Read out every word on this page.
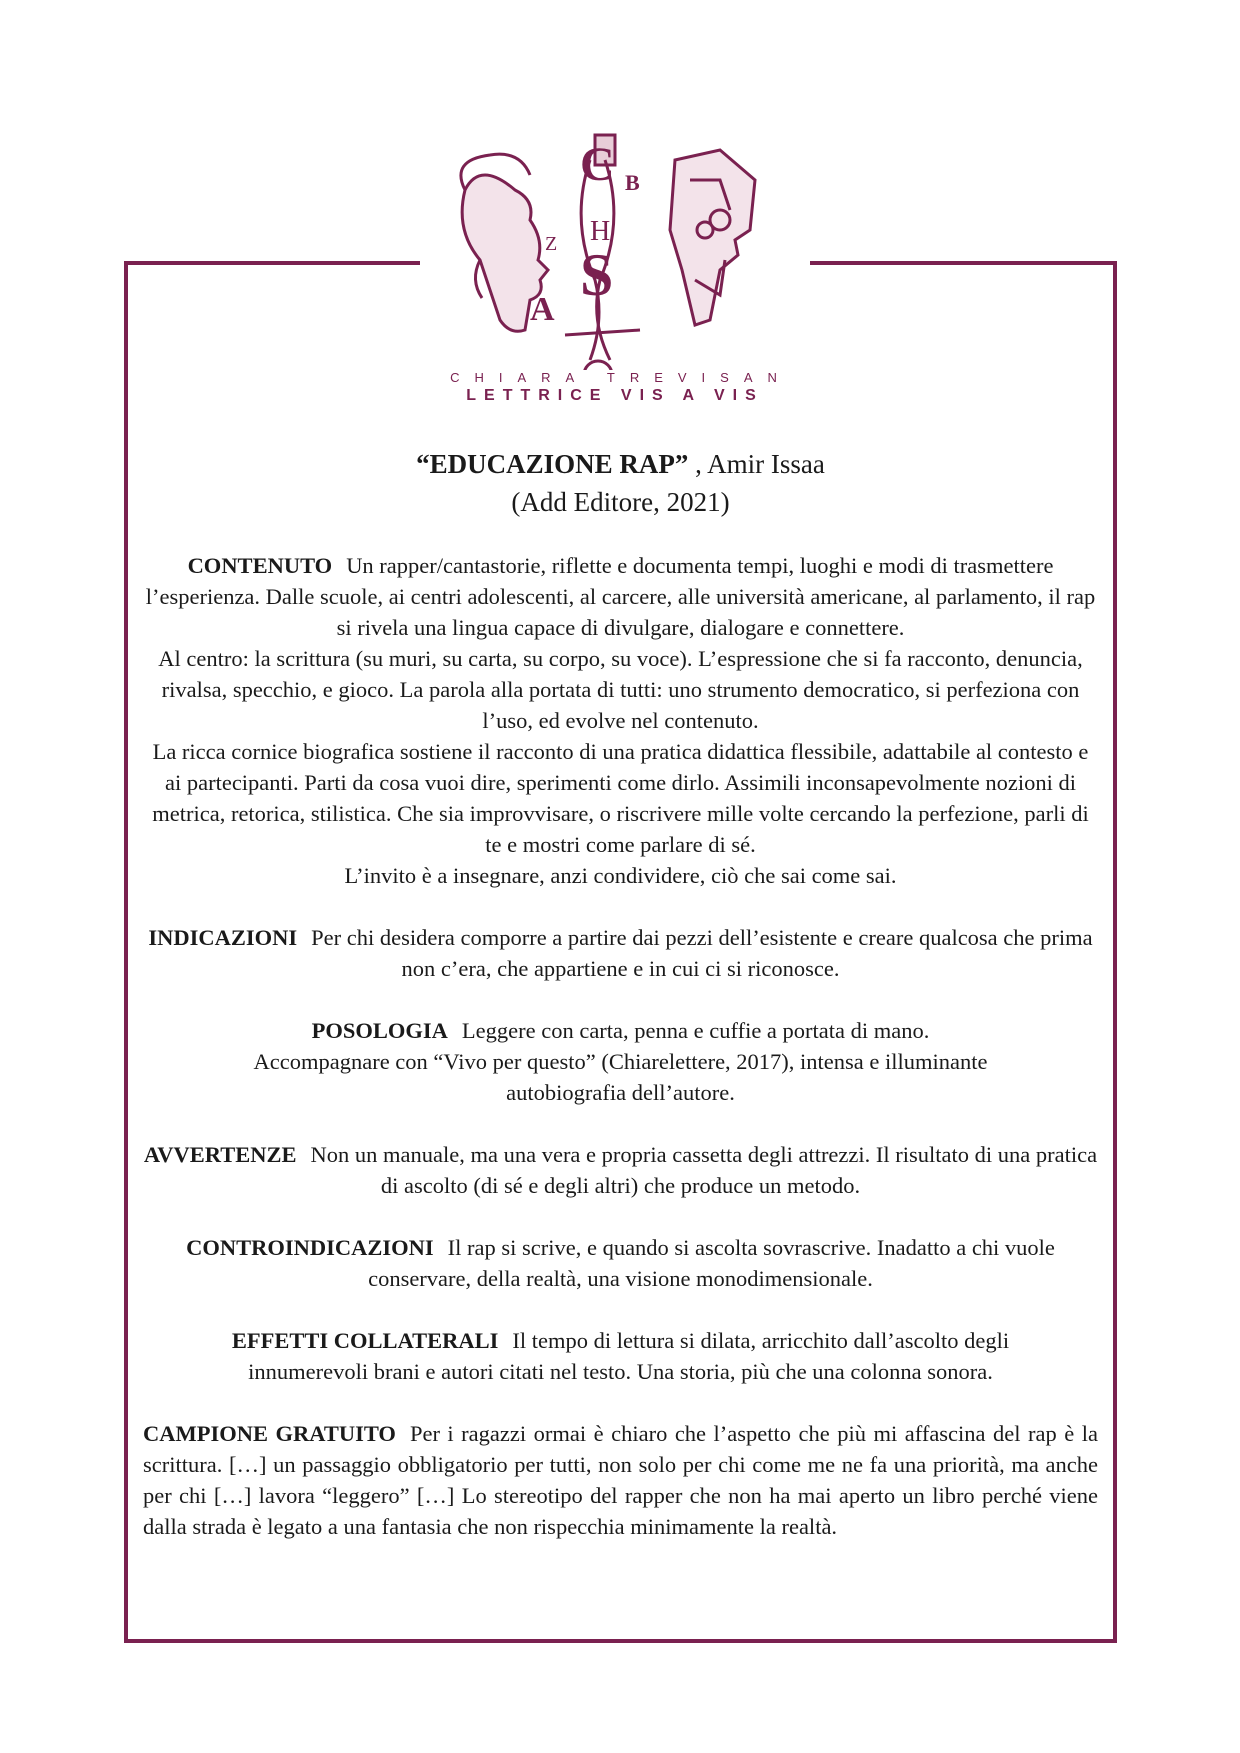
C
H
S
B
Z
A
CHIARA TREVISAN
LETTRICE VIS A VIS
“EDUCAZIONE RAP” , Amir Issaa
(Add Editore, 2021)

CONTENUTO Un rapper/cantastorie, riflette e documenta tempi, luoghi e modi di trasmettere l’esperienza. Dalle scuole, ai centri adolescenti, al carcere, alle università americane, al parlamento, il rap si rivela una lingua capace di divulgare, dialogare e connettere.

Al centro: la scrittura (su muri, su carta, su corpo, su voce). L’espressione che si fa racconto, denuncia, rivalsa, specchio, e gioco. La parola alla portata di tutti: uno strumento democratico, si perfeziona con l’uso, ed evolve nel contenuto.

La ricca cornice biografica sostiene il racconto di una pratica didattica flessibile, adattabile al contesto e ai partecipanti. Parti da cosa vuoi dire, sperimenti come dirlo. Assimili inconsapevolmente nozioni di metrica, retorica, stilistica. Che sia improvvisare, o riscrivere mille volte cercando la perfezione, parli di te e mostri come parlare di sé.

L’invito è a insegnare, anzi condividere, ciò che sai come sai.

INDICAZIONI Per chi desidera comporre a partire dai pezzi dell’esistente e creare qualcosa che prima non c’era, che appartiene e in cui ci si riconosce.

POSOLOGIA Leggere con carta, penna e cuffie a portata di mano.

Accompagnare con “Vivo per questo” (Chiarelettere, 2017), intensa e illuminante autobiografia dell’autore.

AVVERTENZE Non un manuale, ma una vera e propria cassetta degli attrezzi. Il risultato di una pratica di ascolto (di sé e degli altri) che produce un metodo.

CONTROINDICAZIONI Il rap si scrive, e quando si ascolta sovrascrive. Inadatto a chi vuole conservare, della realtà, una visione monodimensionale.

EFFETTI COLLATERALI Il tempo di lettura si dilata, arricchito dall’ascolto degli innumerevoli brani e autori citati nel testo. Una storia, più che una colonna sonora.

CAMPIONE GRATUITO Per i ragazzi ormai è chiaro che l’aspetto che più mi affascina del rap è la scrittura. […] un passaggio obbligatorio per tutti, non solo per chi come me ne fa una priorità, ma anche per chi […] lavora “leggero” […] Lo stereotipo del rapper che non ha mai aperto un libro perché viene dalla strada è legato a una fantasia che non rispecchia minimamente la realtà.
